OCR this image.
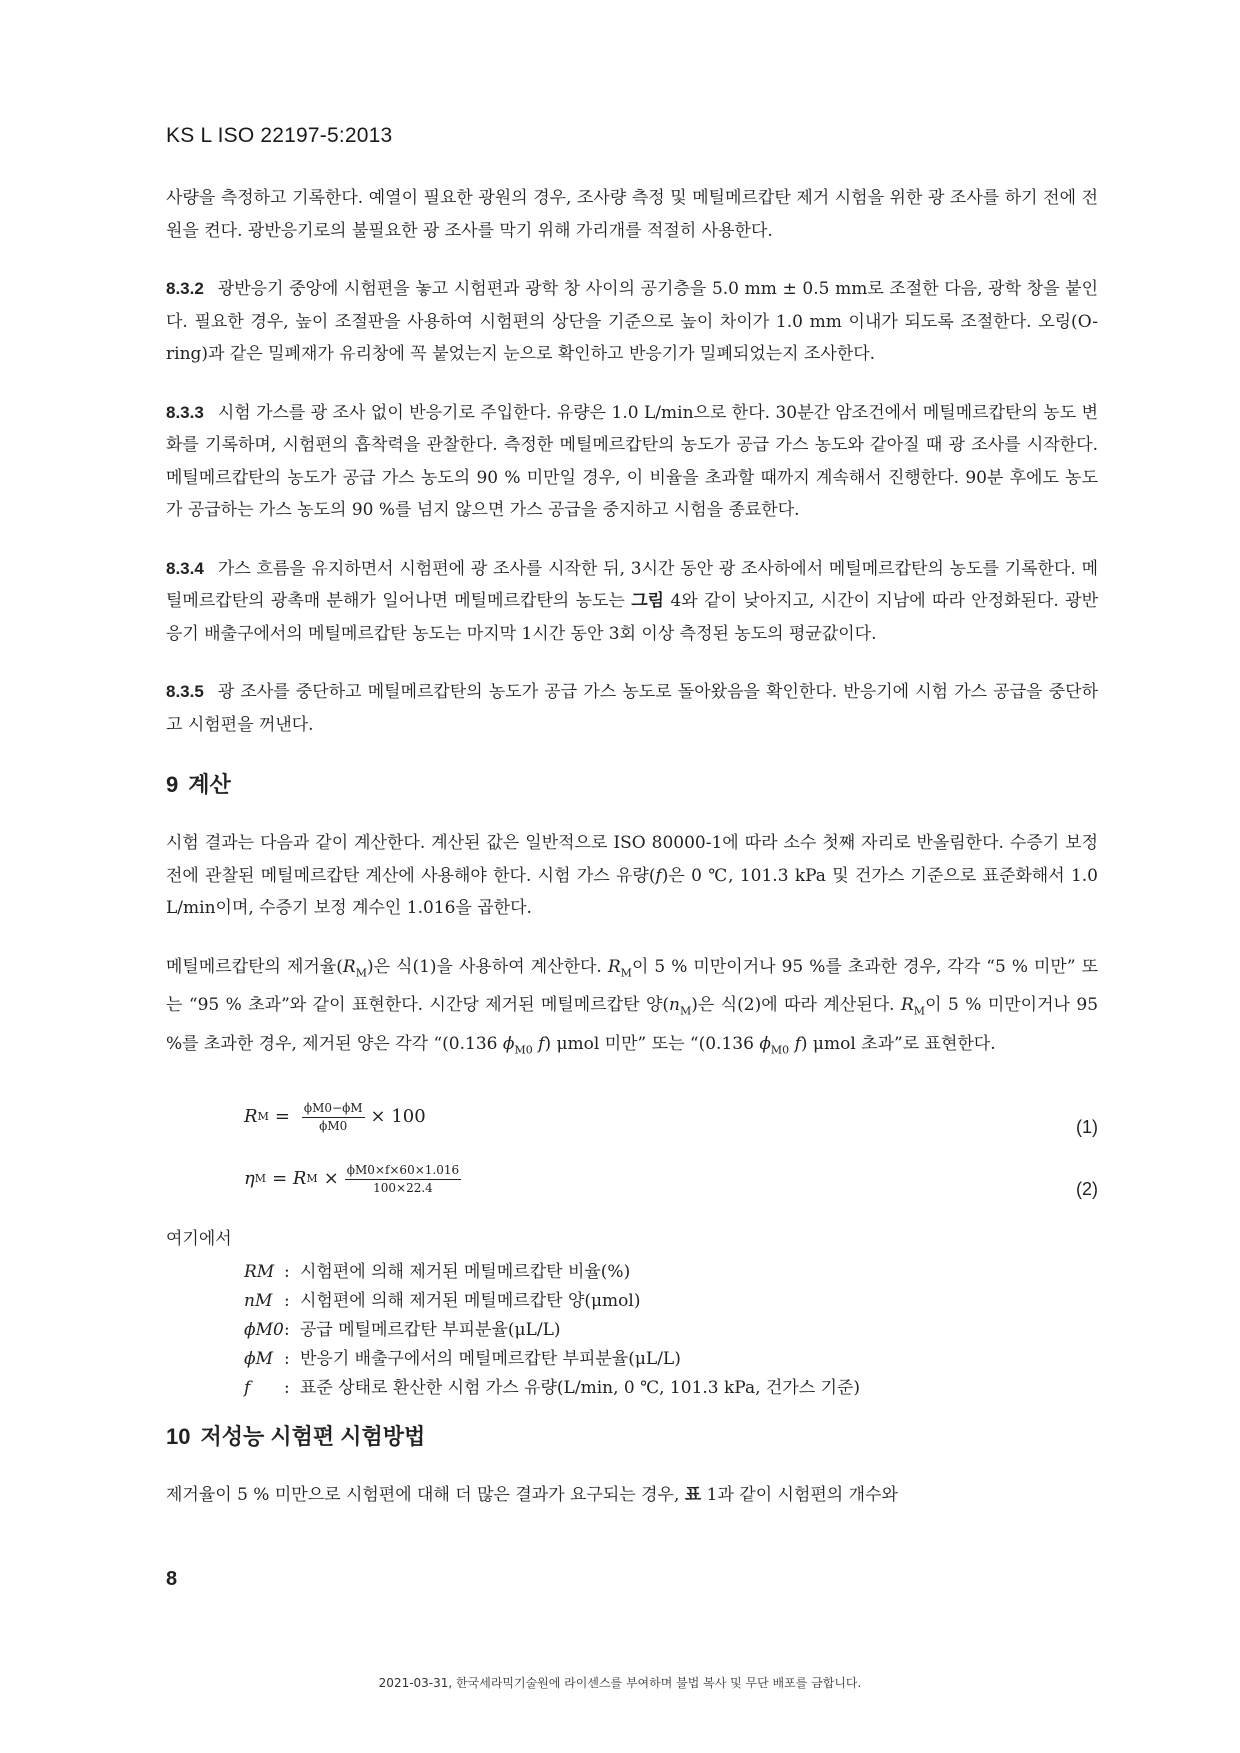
KS L ISO 22197-5:2013

사량을 측정하고 기록한다. 예열이 필요한 광원의 경우, 조사량 측정 및 메틸메르캅탄 제거 시험을 위한 광 조사를 하기 전에 전원을 켠다. 광반응기로의 불필요한 광 조사를 막기 위해 가리개를 적절히 사용한다.

8.3.2 광반응기 중앙에 시험편을 놓고 시험편과 광학 창 사이의 공기층을 5.0 mm ± 0.5 mm로 조절한 다음, 광학 창을 붙인다. 필요한 경우, 높이 조절판을 사용하여 시험편의 상단을 기준으로 높이 차이가 1.0 mm 이내가 되도록 조절한다. 오링(O-ring)과 같은 밀폐재가 유리창에 꼭 붙었는지 눈으로 확인하고 반응기가 밀폐되었는지 조사한다.

8.3.3 시험 가스를 광 조사 없이 반응기로 주입한다. 유량은 1.0 L/min으로 한다. 30분간 암조건에서 메틸메르캅탄의 농도 변화를 기록하며, 시험편의 흡착력을 관찰한다. 측정한 메틸메르캅탄의 농도가 공급 가스 농도와 같아질 때 광 조사를 시작한다. 메틸메르캅탄의 농도가 공급 가스 농도의 90 % 미만일 경우, 이 비율을 초과할 때까지 계속해서 진행한다. 90분 후에도 농도가 공급하는 가스 농도의 90 %를 넘지 않으면 가스 공급을 중지하고 시험을 종료한다.

8.3.4 가스 흐름을 유지하면서 시험편에 광 조사를 시작한 뒤, 3시간 동안 광 조사하에서 메틸메르캅탄의 농도를 기록한다. 메틸메르캅탄의 광촉매 분해가 일어나면 메틸메르캅탄의 농도는 그림 4와 같이 낮아지고, 시간이 지남에 따라 안정화된다. 광반응기 배출구에서의 메틸메르캅탄 농도는 마지막 1시간 동안 3회 이상 측정된 농도의 평균값이다.

8.3.5 광 조사를 중단하고 메틸메르캅탄의 농도가 공급 가스 농도로 돌아왔음을 확인한다. 반응기에 시험 가스 공급을 중단하고 시험편을 꺼낸다.

9 계산

시험 결과는 다음과 같이 계산한다. 계산된 값은 일반적으로 ISO 80000-1에 따라 소수 첫째 자리로 반올림한다. 수증기 보정 전에 관찰된 메틸메르캅탄 계산에 사용해야 한다. 시험 가스 유량(f)은 0 ℃, 101.3 kPa 및 건가스 기준으로 표준화해서 1.0 L/min이며, 수증기 보정 계수인 1.016을 곱한다.

메틸메르캅탄의 제거율$(R_M)$은 식(1)을 사용하여 계산한다. $R_M$이 5 % 미만이거나 95 %를 초과한 경우, 각각 “5 % 미만” 또는 “95 % 초과”와 같이 표현한다. 시간당 제거된 메틸메르캅탄 양$(n_M)$은 식(2)에 따라 계산된다. $R_M$이 5 % 미만이거나 95 %를 초과한 경우, 제거된 양은 각각 “(0.136 $\phi_{M0}$ f) μmol 미만” 또는 “(0.136 $\phi_{M0}$ f) μmol 초과”로 표현한다.

R $M = \frac{\phi M0-\phi M}{\phi M0} \times 100$	(1)
η M = R $M \times \frac{\phi M0\times f\times 60\times 1.016}{100\times 22.4}$	(2)
여기에서
RM : 시험편에 의해 제거된 메틸메르캅탄 비율(%)
nM : 시험편에 의해 제거된 메틸메르캅탄 양(μmol)
ϕM0 : 공급 메틸메르캅탄 부피분율(μL/L)
ϕM : 반응기 배출구에서의 메틸메르캅탄 부피분율(μL/L)
f	: 표준 상태로 환산한 시험 가스 유량(L/min, 0 ℃, 101.3 kPa, 건가스 기준)
10 저성능 시험편 시험방법

제거율이 5 % 미만으로 시험편에 대해 더 많은 결과가 요구되는 경우, 표 1과 같이 시험편의 개수와

8
2021-03-31, 한국세라믹기술원에 라이센스를 부여하며 불법 복사 및 무단 배포를 금합니다.
